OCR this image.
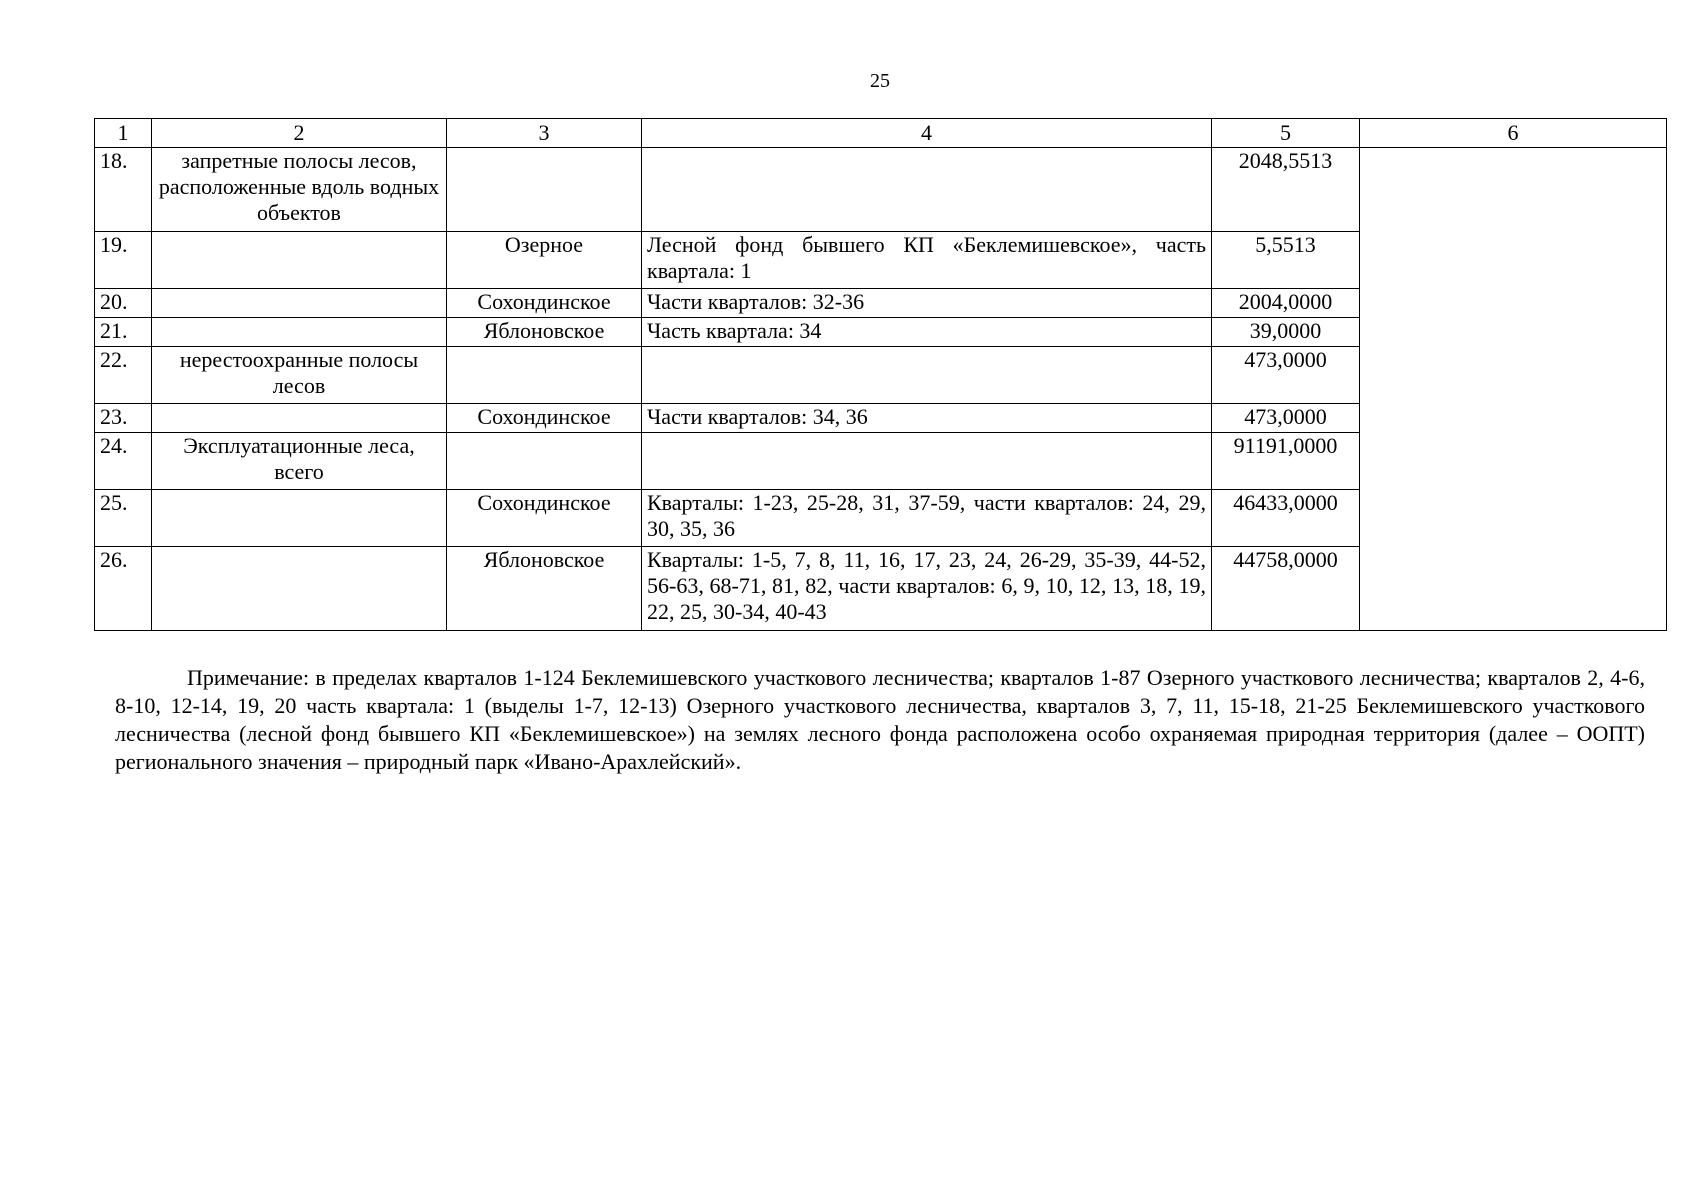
25
1	2	3	4	5	6
18.	запретные полосы лесов, расположенные вдоль водных объектов			2048,5513	
19.		Озерное	Лесной фонд бывшего КП «Беклемишевское», часть квартала: 1	5,5513	
20.		Сохондинское	Части кварталов: 32-36	2004,0000	
21.		Яблоновское	Часть квартала: 34	39,0000	
22.	нерестоохранные полосы лесов			473,0000	
23.		Сохондинское	Части кварталов: 34, 36	473,0000	
24.	Эксплуатационные леса, всего			91191,0000	
25.		Сохондинское	Кварталы: 1-23, 25-28, 31, 37-59, части кварталов: 24, 29, 30, 35, 36	46433,0000	
26.		Яблоновское	Кварталы: 1-5, 7, 8, 11, 16, 17, 23, 24, 26-29, 35-39, 44-52, 56-63, 68-71, 81, 82, части кварталов: 6, 9, 10, 12, 13, 18, 19, 22, 25, 30-34, 40-43	44758,0000	

Примечание: в пределах кварталов 1-124 Беклемишевского участкового лесничества; кварталов 1-87 Озерного участкового лесничества; кварталов 2, 4-6, 8-10, 12-14, 19, 20 часть квартала: 1 (выделы 1-7, 12-13) Озерного участкового лесничества, кварталов 3, 7, 11, 15-18, 21-25 Беклемишевского участкового лесничества (лесной фонд бывшего КП «Беклемишевское») на землях лесного фонда расположена особо охраняемая природная территория (далее – ООПТ) регионального значения – природный парк «Ивано-Арахлейский».
